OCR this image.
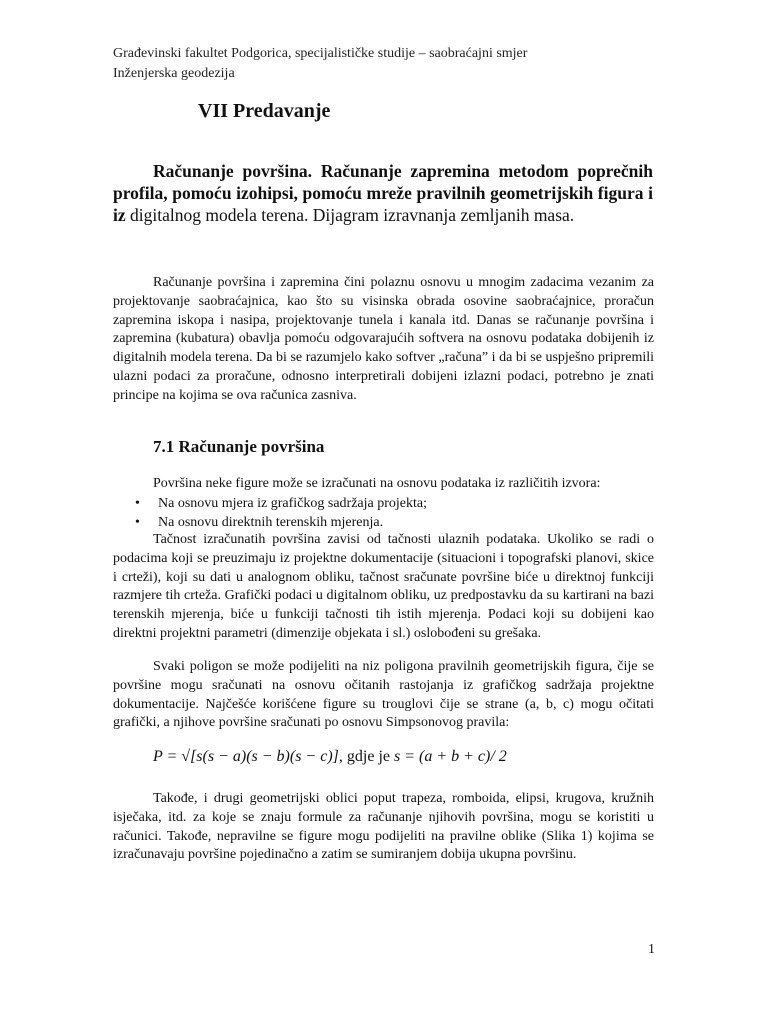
Građevinski fakultet Podgorica, specijalističke studije – saobraćajni smjer
Inženjerska geodezija
VII Predavanje
Računanje površina. Računanje zapremina metodom poprečnih profila, pomoću izohipsi, pomoću mreže pravilnih geometrijskih figura i iz digitalnog modela terena. Dijagram izravnanja zemljanih masa.
Računanje površina i zapremina čini polaznu osnovu u mnogim zadacima vezanim za projektovanje saobraćajnica, kao što su visinska obrada osovine saobraćajnice, proračun zapremina iskopa i nasipa, projektovanje tunela i kanala itd. Danas se računanje površina i zapremina (kubatura) obavlja pomoću odgovarajućih softvera na osnovu podataka dobijenih iz digitalnih modela terena. Da bi se razumjelo kako softver „računa” i da bi se uspješno pripremili ulazni podaci za proračune, odnosno interpretirali dobijeni izlazni podaci, potrebno je znati principe na kojima se ova računica zasniva.
7.1 Računanje površina
Površina neke figure može se izračunati na osnovu podataka iz različitih izvora:
• Na osnovu mjera iz grafičkog sadržaja projekta;
• Na osnovu direktnih terenskih mjerenja.
Tačnost izračunatih površina zavisi od tačnosti ulaznih podataka. Ukoliko se radi o podacima koji se preuzimaju iz projektne dokumentacije (situacioni i topografski planovi, skice i crteži), koji su dati u analognom obliku, tačnost sračunate površine biće u direktnoj funkciji razmjere tih crteža. Grafički podaci u digitalnom obliku, uz predpostavku da su kartirani na bazi terenskih mjerenja, biće u funkciji tačnosti tih istih mjerenja. Podaci koji su dobijeni kao direktni projektni parametri (dimenzije objekata i sl.) oslobođeni su grešaka.
Svaki poligon se može podijeliti na niz poligona pravilnih geometrijskih figura, čije se površine mogu sračunati na osnovu očitanih rastojanja iz grafičkog sadržaja projektne dokumentacije. Najčešće korišćene figure su trouglovi čije se strane (a, b, c) mogu očitati grafički, a njihove površine sračunati po osnovu Simpsonovog pravila:
P = √[s(s − a)(s − b)(s − c)], gdje je s = (a + b + c)/ 2
Takođe, i drugi geometrijski oblici poput trapeza, romboida, elipsi, krugova, kružnih isječaka, itd. za koje se znaju formule za računanje njihovih površina, mogu se koristiti u računici. Takođe, nepravilne se figure mogu podijeliti na pravilne oblike (Slika 1) kojima se izračunavaju površine pojedinačno a zatim se sumiranjem dobija ukupna površinu.
1
